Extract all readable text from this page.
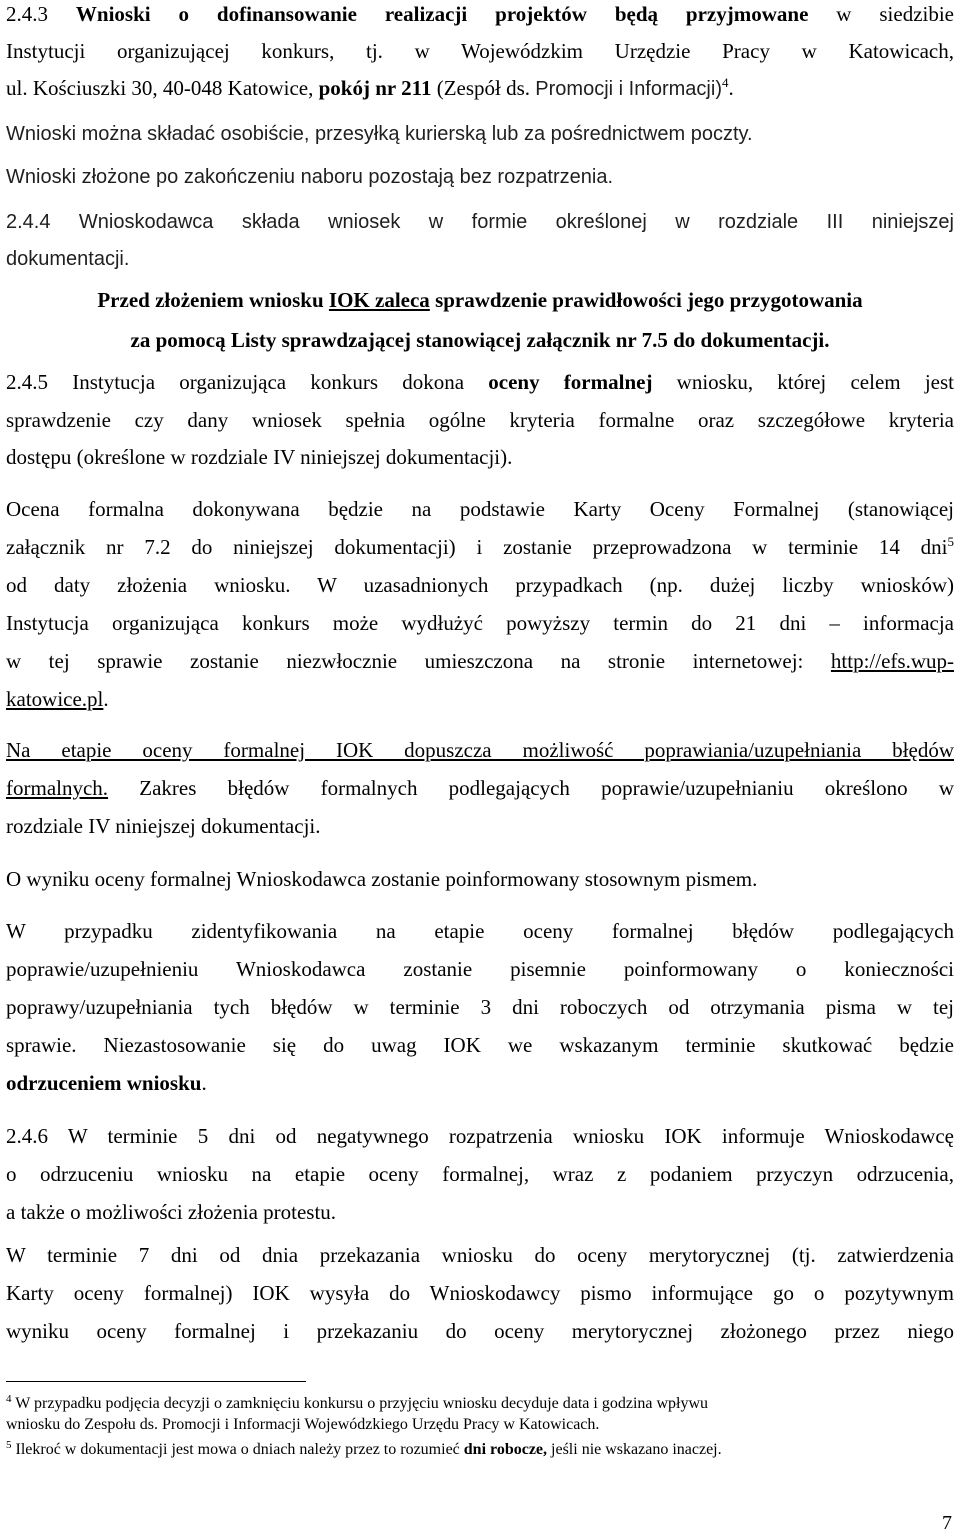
2.4.3 Wnioski o dofinansowanie realizacji projektów będą przyjmowane w siedzibie
Instytucji organizującej konkurs, tj. w Wojewódzkim Urzędzie Pracy w Katowicach,
ul. Kościuszki 30, 40-048 Katowice, pokój nr 211 (Zespół ds. Promocji i Informacji)$^4$.
Wnioski można składać osobiście, przesyłką kurierską lub za pośrednictwem poczty.
Wnioski złożone po zakończeniu naboru pozostają bez rozpatrzenia.
2.4.4 Wnioskodawca składa wniosek w formie określonej w rozdziale III niniejszej
dokumentacji.
Przed złożeniem wniosku IOK zaleca sprawdzenie prawidłowości jego przygotowania
za pomocą Listy sprawdzającej stanowiącej załącznik nr 7.5 do dokumentacji.
2.4.5 Instytucja organizująca konkurs dokona oceny formalnej wniosku, której celem jest
sprawdzenie czy dany wniosek spełnia ogólne kryteria formalne oraz szczegółowe kryteria
dostępu (określone w rozdziale IV niniejszej dokumentacji).
Ocena formalna dokonywana będzie na podstawie Karty Oceny Formalnej (stanowiącej
załącznik nr 7.2 do niniejszej dokumentacji) i zostanie przeprowadzona w terminie 14 dni$^5$
od daty złożenia wniosku. W uzasadnionych przypadkach (np. dużej liczby wniosków)
Instytucja organizująca konkurs może wydłużyć powyższy termin do 21 dni – informacja
w tej sprawie zostanie niezwłocznie umieszczona na stronie internetowej: http://efs.wup-
katowice.pl.
Na etapie oceny formalnej IOK dopuszcza możliwość poprawiania/uzupełniania błędów
formalnych. Zakres błędów formalnych podlegających poprawie/uzupełnianiu określono w
rozdziale IV niniejszej dokumentacji.
O wyniku oceny formalnej Wnioskodawca zostanie poinformowany stosownym pismem.
W przypadku zidentyfikowania na etapie oceny formalnej błędów podlegających
poprawie/uzupełnieniu Wnioskodawca zostanie pisemnie poinformowany o konieczności
poprawy/uzupełniania tych błędów w terminie 3 dni roboczych od otrzymania pisma w tej
sprawie. Niezastosowanie się do uwag IOK we wskazanym terminie skutkować będzie
odrzuceniem wniosku.
2.4.6 W terminie 5 dni od negatywnego rozpatrzenia wniosku IOK informuje Wnioskodawcę
o odrzuceniu wniosku na etapie oceny formalnej, wraz z podaniem przyczyn odrzucenia,
a także o możliwości złożenia protestu.
W terminie 7 dni od dnia przekazania wniosku do oceny merytorycznej (tj. zatwierdzenia
Karty oceny formalnej) IOK wysyła do Wnioskodawcy pismo informujące go o pozytywnym
wyniku oceny formalnej i przekazaniu do oceny merytorycznej złożonego przez niego
$^4$ W przypadku podjęcia decyzji o zamknięciu konkursu o przyjęciu wniosku decyduje data i godzina wpływu
wniosku do Zespołu ds. Promocji i Informacji Wojewódzkiego Urzędu Pracy w Katowicach.
$^5$ Ilekroć w dokumentacji jest mowa o dniach należy przez to rozumieć dni robocze, jeśli nie wskazano inaczej.
7
